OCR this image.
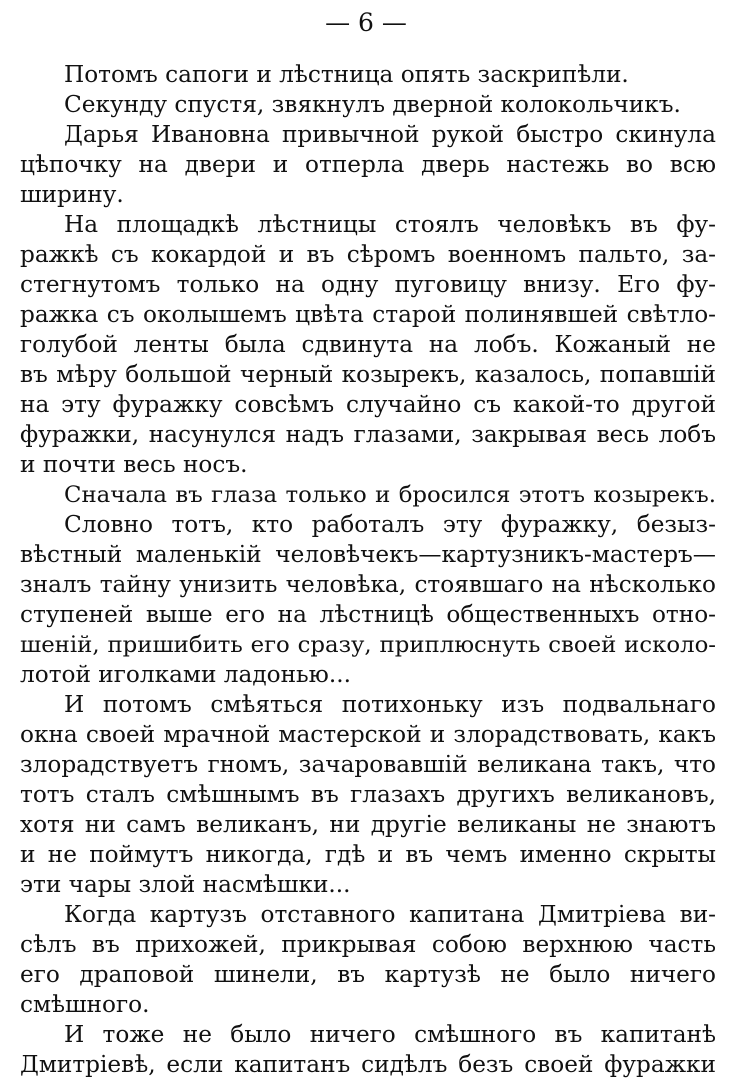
— 6 —
Потомъ сапоги и лѣстница опять заскрипѣли.
Секунду спустя, звякнулъ дверной колокольчикъ.
Дарья Ивановна привычной рукой быстро скинула
цѣпочку на двери и отперла дверь настежь во всю
ширину.
На площадкѣ лѣстницы стоялъ человѣкъ въ фу-
ражкѣ съ кокардой и въ сѣромъ военномъ пальто, за-
стегнутомъ только на одну пуговицу внизу. Его фу-
ражка съ околышемъ цвѣта старой полинявшей свѣтло-
голубой ленты была сдвинута на лобъ. Кожаный не
въ мѣру большой черный козырекъ, казалось, попавшій
на эту фуражку совсѣмъ случайно съ какой-то другой
фуражки, насунулся надъ глазами, закрывая весь лобъ
и почти весь носъ.
Сначала въ глаза только и бросился этотъ козырекъ.
Словно тотъ, кто работалъ эту фуражку, безыз-
вѣстный маленькій человѣчекъ—картузникъ-мастеръ—
зналъ тайну унизить человѣка, стоявшаго на нѣсколько
ступеней выше его на лѣстницѣ общественныхъ отно-
шеній, пришибить его сразу, приплюснуть своей исколо-
лотой иголками ладонью...
И потомъ смѣяться потихоньку изъ подвальнаго
окна своей мрачной мастерской и злорадствовать, какъ
злорадствуетъ гномъ, зачаровавшій великана такъ, что
тотъ сталъ смѣшнымъ въ глазахъ другихъ великановъ,
хотя ни самъ великанъ, ни другіе великаны не знаютъ
и не поймутъ никогда, гдѣ и въ чемъ именно скрыты
эти чары злой насмѣшки...
Когда картузъ отставного капитана Дмитріева ви-
сѣлъ въ прихожей, прикрывая собою верхнюю часть
его драповой шинели, въ картузѣ не было ничего
смѣшного.
И тоже не было ничего смѣшного въ капитанѣ
Дмитріевѣ, если капитанъ сидѣлъ безъ своей фуражки
